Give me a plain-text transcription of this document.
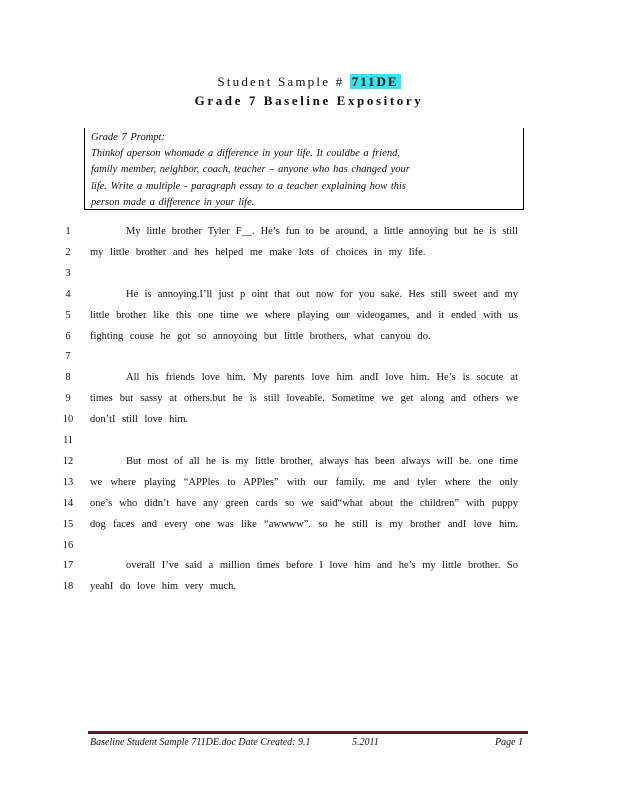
Student Sample # 711DE
Grade 7 Baseline Expository
Grade 7 Prompt:
Thinkof aperson whomade a difference in your life. It couldbe a friend,
family member, neighbor, coach, teacher – anyone who has changed your
life. Write a multiple - paragraph essay to a teacher explaining how this
person made a difference in your life.
1	My little brother Tyler F__. He’s fun to be around, a little annoying but he is still
2	my little brother and hes helped me make lots of choices in my life.
3
4	He is annoying.I’ll just p oint that out now for you sake. Hes still sweet and my
5	little brother like this one time we where playing our videogames, and it ended with us
6	fighting couse he got so annoyoing but little brothers, what canyou do.
7
8	All his friends love him. My parents love him andI love him. He’s is socute at
9	times but sassy at others.but he is still loveable. Sometime we get along and others we
10 don’tI still love him.
11
12	But most of all he is my little brother, always has been always will be. one time
13 we where playing “APPles to APPles” with our family. me and tyler where the only
14 one’s who didn’t have any green cards so we said“what about the children” with puppy
15 dog faces and every one was like “awwww”. so he still is my brother andI love him.
16
17	overall I’ve said a million times before I love him and he’s my little brother. So
18 yeahI do love him very much.
Baseline Student Sample 711DE.doc Date Created: 9.1	5.2011	Page 1
